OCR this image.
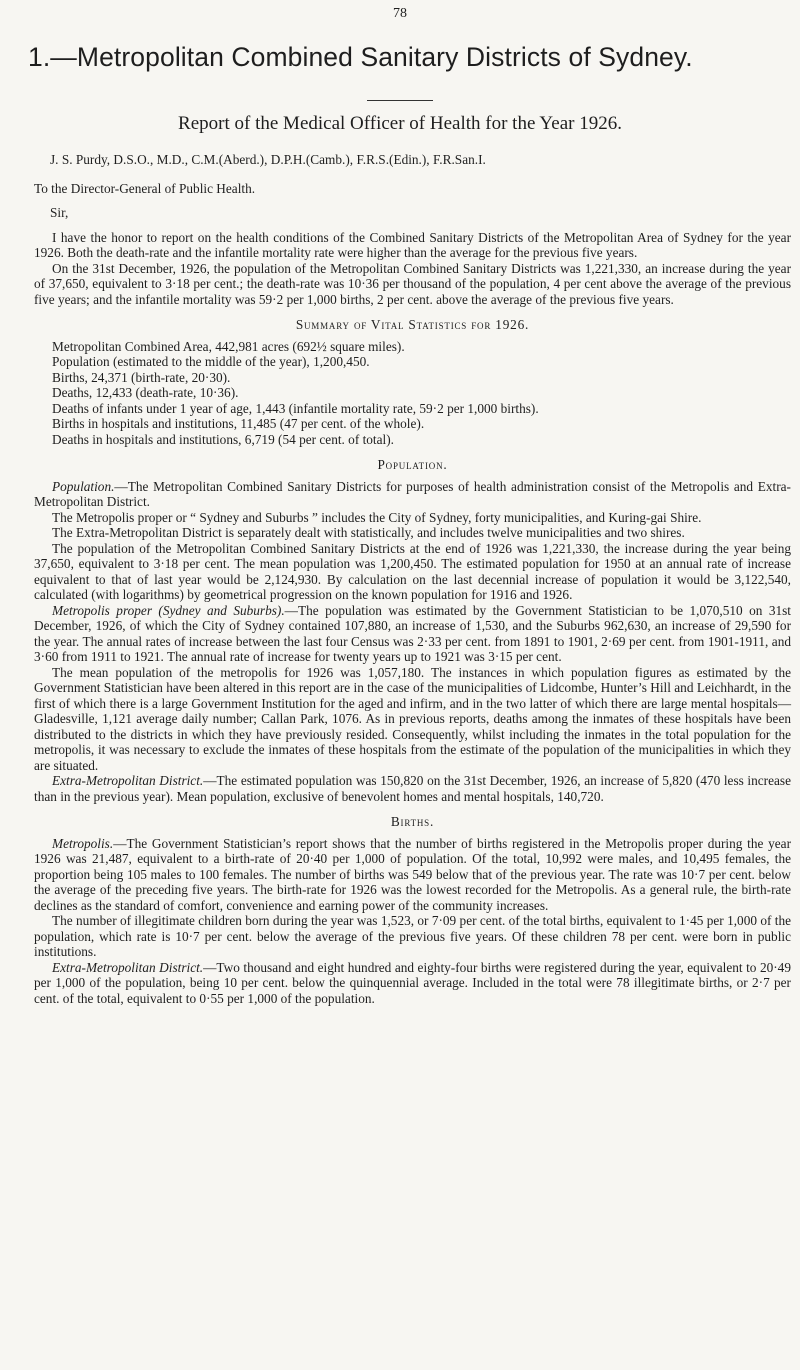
78
1.—Metropolitan Combined Sanitary Districts of Sydney.
Report of the Medical Officer of Health for the Year 1926.

J. S. Purdy, D.S.O., M.D., C.M.(Aberd.), D.P.H.(Camb.), F.R.S.(Edin.), F.R.San.I.

To the Director-General of Public Health.

Sir,

I have the honor to report on the health conditions of the Combined Sanitary Districts of the Metropolitan Area of Sydney for the year 1926. Both the death-rate and the infantile mortality rate were higher than the average for the previous five years.

On the 31st December, 1926, the population of the Metropolitan Combined Sanitary Districts was 1,221,330, an increase during the year of 37,650, equivalent to 3·18 per cent.; the death-rate was 10·36 per thousand of the population, 4 per cent above the average of the previous five years; and the infantile mortality was 59·2 per 1,000 births, 2 per cent. above the average of the previous five years.

Summary of Vital Statistics for 1926.

Metropolitan Combined Area, 442,981 acres (692½ square miles).

Population (estimated to the middle of the year), 1,200,450.

Births, 24,371 (birth-rate, 20·30).

Deaths, 12,433 (death-rate, 10·36).

Deaths of infants under 1 year of age, 1,443 (infantile mortality rate, 59·2 per 1,000 births).

Births in hospitals and institutions, 11,485 (47 per cent. of the whole).

Deaths in hospitals and institutions, 6,719 (54 per cent. of total).

Population.

Population.—The Metropolitan Combined Sanitary Districts for purposes of health administration consist of the Metropolis and Extra-Metropolitan District.

The Metropolis proper or “ Sydney and Suburbs ” includes the City of Sydney, forty municipalities, and Kuring-gai Shire.

The Extra-Metropolitan District is separately dealt with statistically, and includes twelve municipalities and two shires.

The population of the Metropolitan Combined Sanitary Districts at the end of 1926 was 1,221,330, the increase during the year being 37,650, equivalent to 3·18 per cent. The mean population was 1,200,450. The estimated population for 1950 at an annual rate of increase equivalent to that of last year would be 2,124,930. By calculation on the last decennial increase of population it would be 3,122,540, calculated (with logarithms) by geometrical progression on the known population for 1916 and 1926.

Metropolis proper (Sydney and Suburbs).—The population was estimated by the Government Statistician to be 1,070,510 on 31st December, 1926, of which the City of Sydney contained 107,880, an increase of 1,530, and the Suburbs 962,630, an increase of 29,590 for the year. The annual rates of increase between the last four Census was 2·33 per cent. from 1891 to 1901, 2·69 per cent. from 1901-1911, and 3·60 from 1911 to 1921. The annual rate of increase for twenty years up to 1921 was 3·15 per cent.

The mean population of the metropolis for 1926 was 1,057,180. The instances in which population figures as estimated by the Government Statistician have been altered in this report are in the case of the municipalities of Lidcombe, Hunter’s Hill and Leichhardt, in the first of which there is a large Government Institution for the aged and infirm, and in the two latter of which there are large mental hospitals—Gladesville, 1,121 average daily number; Callan Park, 1076. As in previous reports, deaths among the inmates of these hospitals have been distributed to the districts in which they have previously resided. Consequently, whilst including the inmates in the total population for the metropolis, it was necessary to exclude the inmates of these hospitals from the estimate of the population of the municipalities in which they are situated.

Extra-Metropolitan District.—The estimated population was 150,820 on the 31st December, 1926, an increase of 5,820 (470 less increase than in the previous year). Mean population, exclusive of benevolent homes and mental hospitals, 140,720.

Births.

Metropolis.—The Government Statistician’s report shows that the number of births registered in the Metropolis proper during the year 1926 was 21,487, equivalent to a birth-rate of 20·40 per 1,000 of population. Of the total, 10,992 were males, and 10,495 females, the proportion being 105 males to 100 females. The number of births was 549 below that of the previous year. The rate was 10·7 per cent. below the average of the preceding five years. The birth-rate for 1926 was the lowest recorded for the Metropolis. As a general rule, the birth-rate declines as the standard of comfort, convenience and earning power of the community increases.

The number of illegitimate children born during the year was 1,523, or 7·09 per cent. of the total births, equivalent to 1·45 per 1,000 of the population, which rate is 10·7 per cent. below the average of the previous five years. Of these children 78 per cent. were born in public institutions.

Extra-Metropolitan District.—Two thousand and eight hundred and eighty-four births were registered during the year, equivalent to 20·49 per 1,000 of the population, being 10 per cent. below the quinquennial average. Included in the total were 78 illegitimate births, or 2·7 per cent. of the total, equivalent to 0·55 per 1,000 of the population.
